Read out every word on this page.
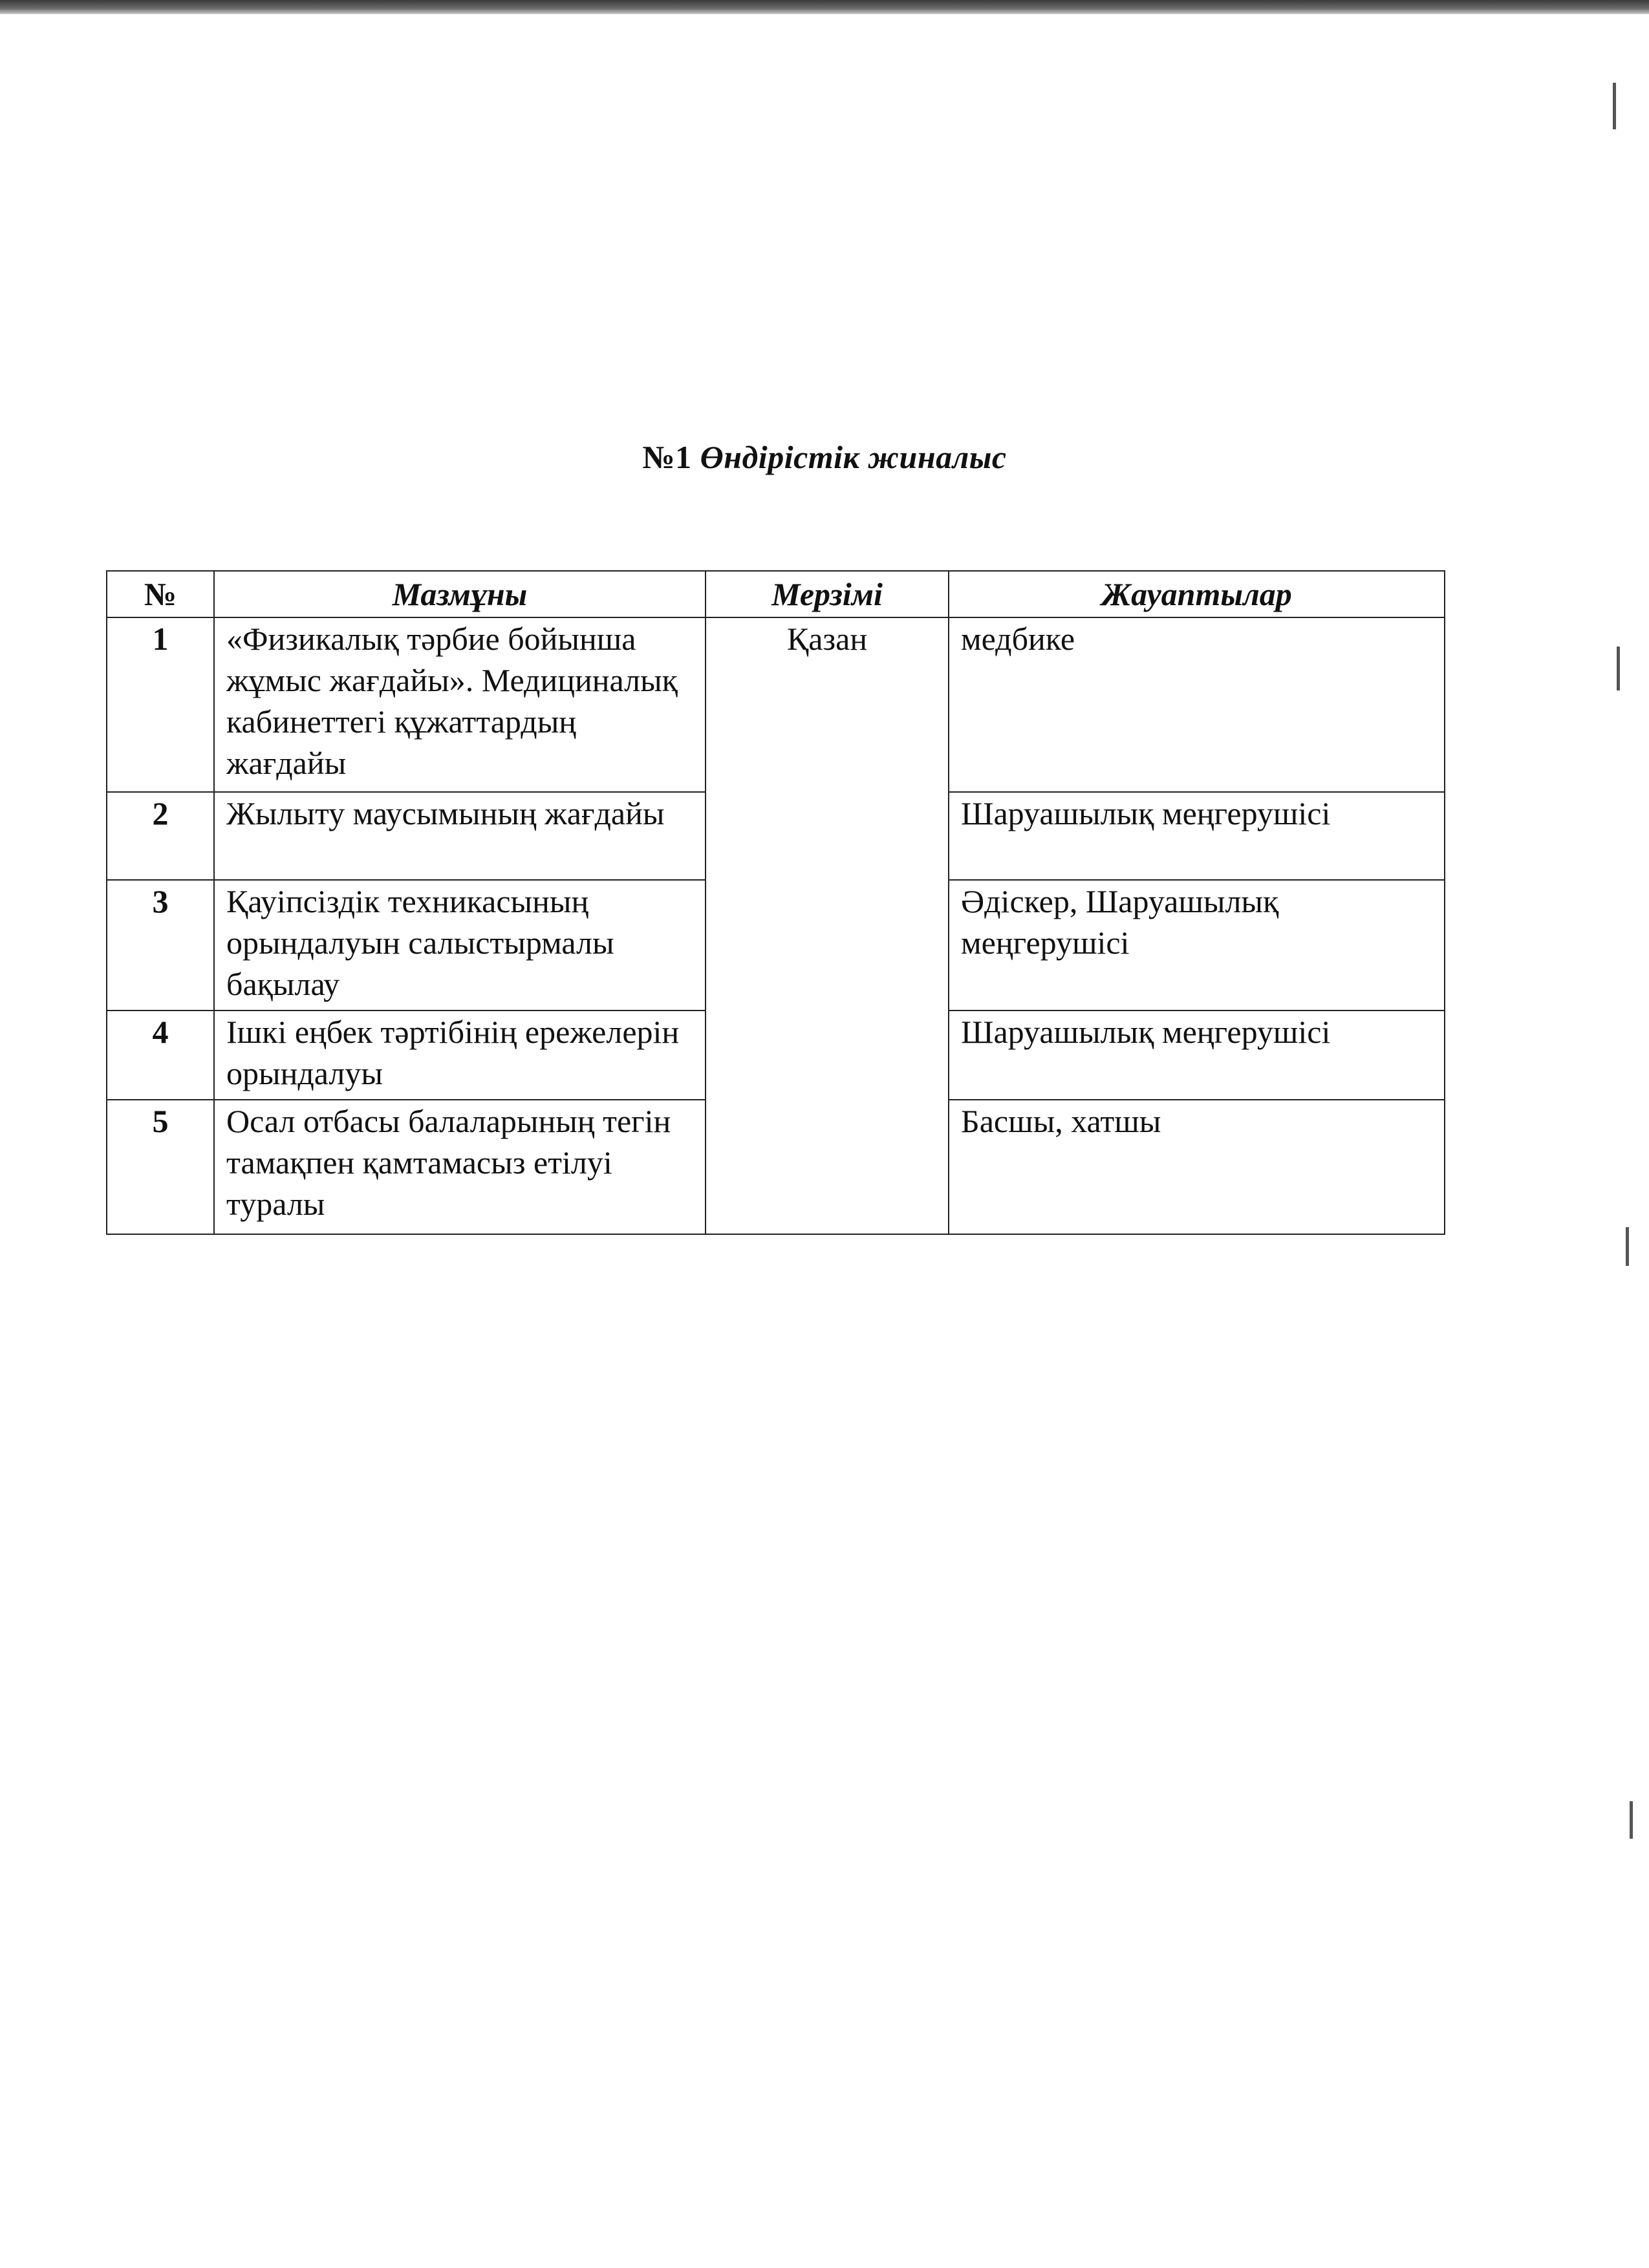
№1 Өндірістік жиналыс
№	Мазмұны	Мерзімі	Жауаптылар
1	«Физикалық тәрбие бойынша жұмыс жағдайы». Медициналық кабинеттегі құжаттардың жағдайы	Қазан	медбике
2	Жылыту маусымының жағдайы		Шаруашылық меңгерушісі
3	Қауіпсіздік техникасының орындалуын салыстырмалы бақылау		Әдіскер, Шаруашылық меңгерушісі
4	Ішкі еңбек тәртібінің ережелерін орындалуы		Шаруашылық меңгерушісі
5	Осал отбасы балаларының тегін тамақпен қамтамасыз етілуі туралы		Басшы, хатшы
